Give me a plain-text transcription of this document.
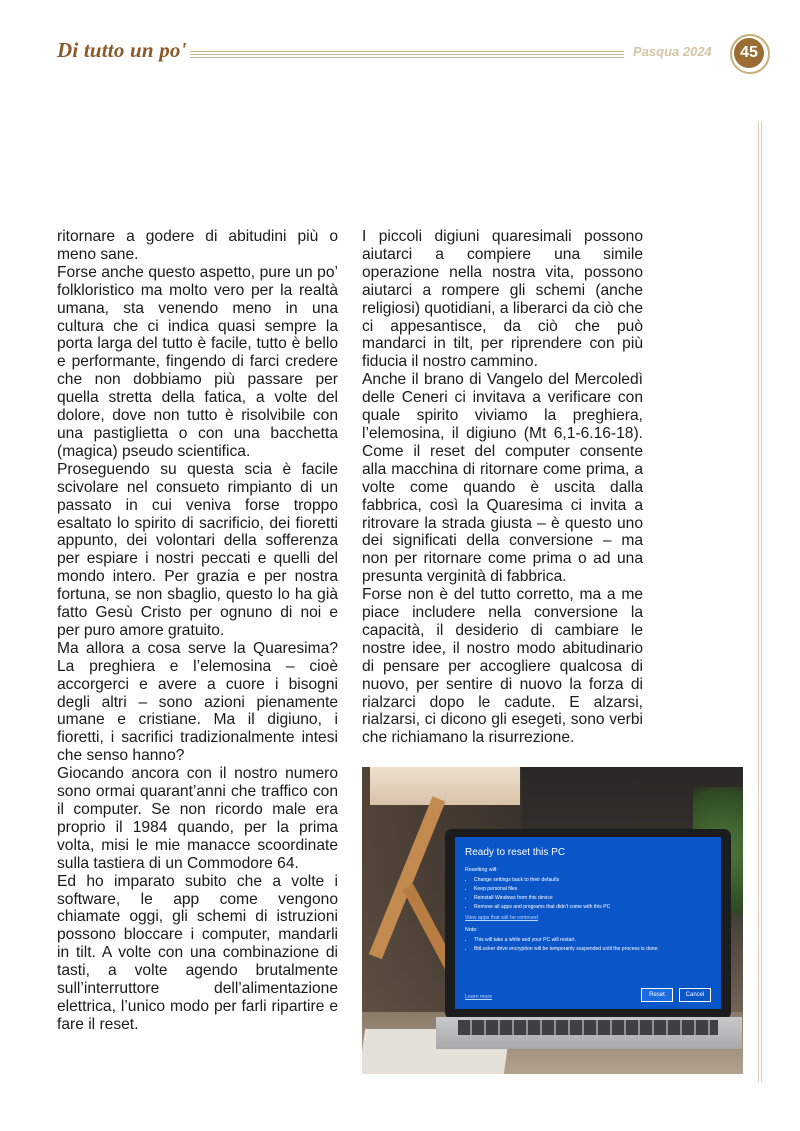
Di tutto un po'	Pasqua 2024	45

ritornare a godere di abitudini più o meno sane.

Forse anche questo aspetto, pure un po’ folkloristico ma molto vero per la realtà umana, sta venendo meno in una cultura che ci indica quasi sempre la porta larga del tutto è facile, tutto è bello e performante, fingendo di farci credere che non dobbiamo più passare per quella stretta della fatica, a volte del dolore, dove non tutto è risolvibile con una pastiglietta o con una bacchetta (magica) pseudo scientifica.

Proseguendo su questa scia è facile scivolare nel consueto rimpianto di un passato in cui veniva forse troppo esaltato lo spirito di sacrificio, dei fioretti appunto, dei volontari della sofferenza per espiare i nostri peccati e quelli del mondo intero. Per grazia e per nostra fortuna, se non sbaglio, questo lo ha già fatto Gesù Cristo per ognuno di noi e per puro amore gratuito.

Ma allora a cosa serve la Quaresima? La preghiera e l’elemosina – cioè accorgerci e avere a cuore i bisogni degli altri – sono azioni pienamente umane e cristiane. Ma il digiuno, i fioretti, i sacrifici tradizionalmente intesi che senso hanno?

Giocando ancora con il nostro numero sono ormai quarant’anni che traffico con il computer. Se non ricordo male era proprio il 1984 quando, per la prima volta, misi le mie manacce scoordinate sulla tastiera di un Commodore 64.

Ed ho imparato subito che a volte i software, le app come vengono chiamate oggi, gli schemi di istruzioni possono bloccare i computer, mandarli in tilt. A volte con una combinazione di tasti, a volte agendo brutalmente sull’interruttore dell’alimentazione elettrica, l’unico modo per farli ripartire e fare il reset.

I piccoli digiuni quaresimali possono aiutarci a compiere una simile operazione nella nostra vita, possono aiutarci a rompere gli schemi (anche religiosi) quotidiani, a liberarci da ciò che ci appesantisce, da ciò che può mandarci in tilt, per riprendere con più fiducia il nostro cammino.

Anche il brano di Vangelo del Mercoledì delle Ceneri ci invitava a verificare con quale spirito viviamo la preghiera, l’elemosina, il digiuno (Mt 6,1-6.16-18). Come il reset del computer consente alla macchina di ritornare come prima, a volte come quando è uscita dalla fabbrica, così la Quaresima ci invita a ritrovare la strada giusta – è questo uno dei significati della conversione – ma non per ritornare come prima o ad una presunta verginità di fabbrica.

Forse non è del tutto corretto, ma a me piace includere nella conversione la capacità, il desiderio di cambiare le nostre idee, il nostro modo abitudinario di pensare per accogliere qualcosa di nuovo, per sentire di nuovo la forza di rialzarci dopo le cadute. E alzarsi, rialzarsi, ci dicono gli esegeti, sono verbi che richiamano la risurrezione.

Ready to reset this PC
Resetting will:
• Change settings back to their defaults
• Keep personal files
• Reinstall Windows from this device
• Remove all apps and programs that didn't come with this PC
View apps that will be removed
Note:
• This will take a while and your PC will restart.
• BitLocker drive encryption will be temporarily suspended until the process is done.
Learn more	Reset	Cancel
